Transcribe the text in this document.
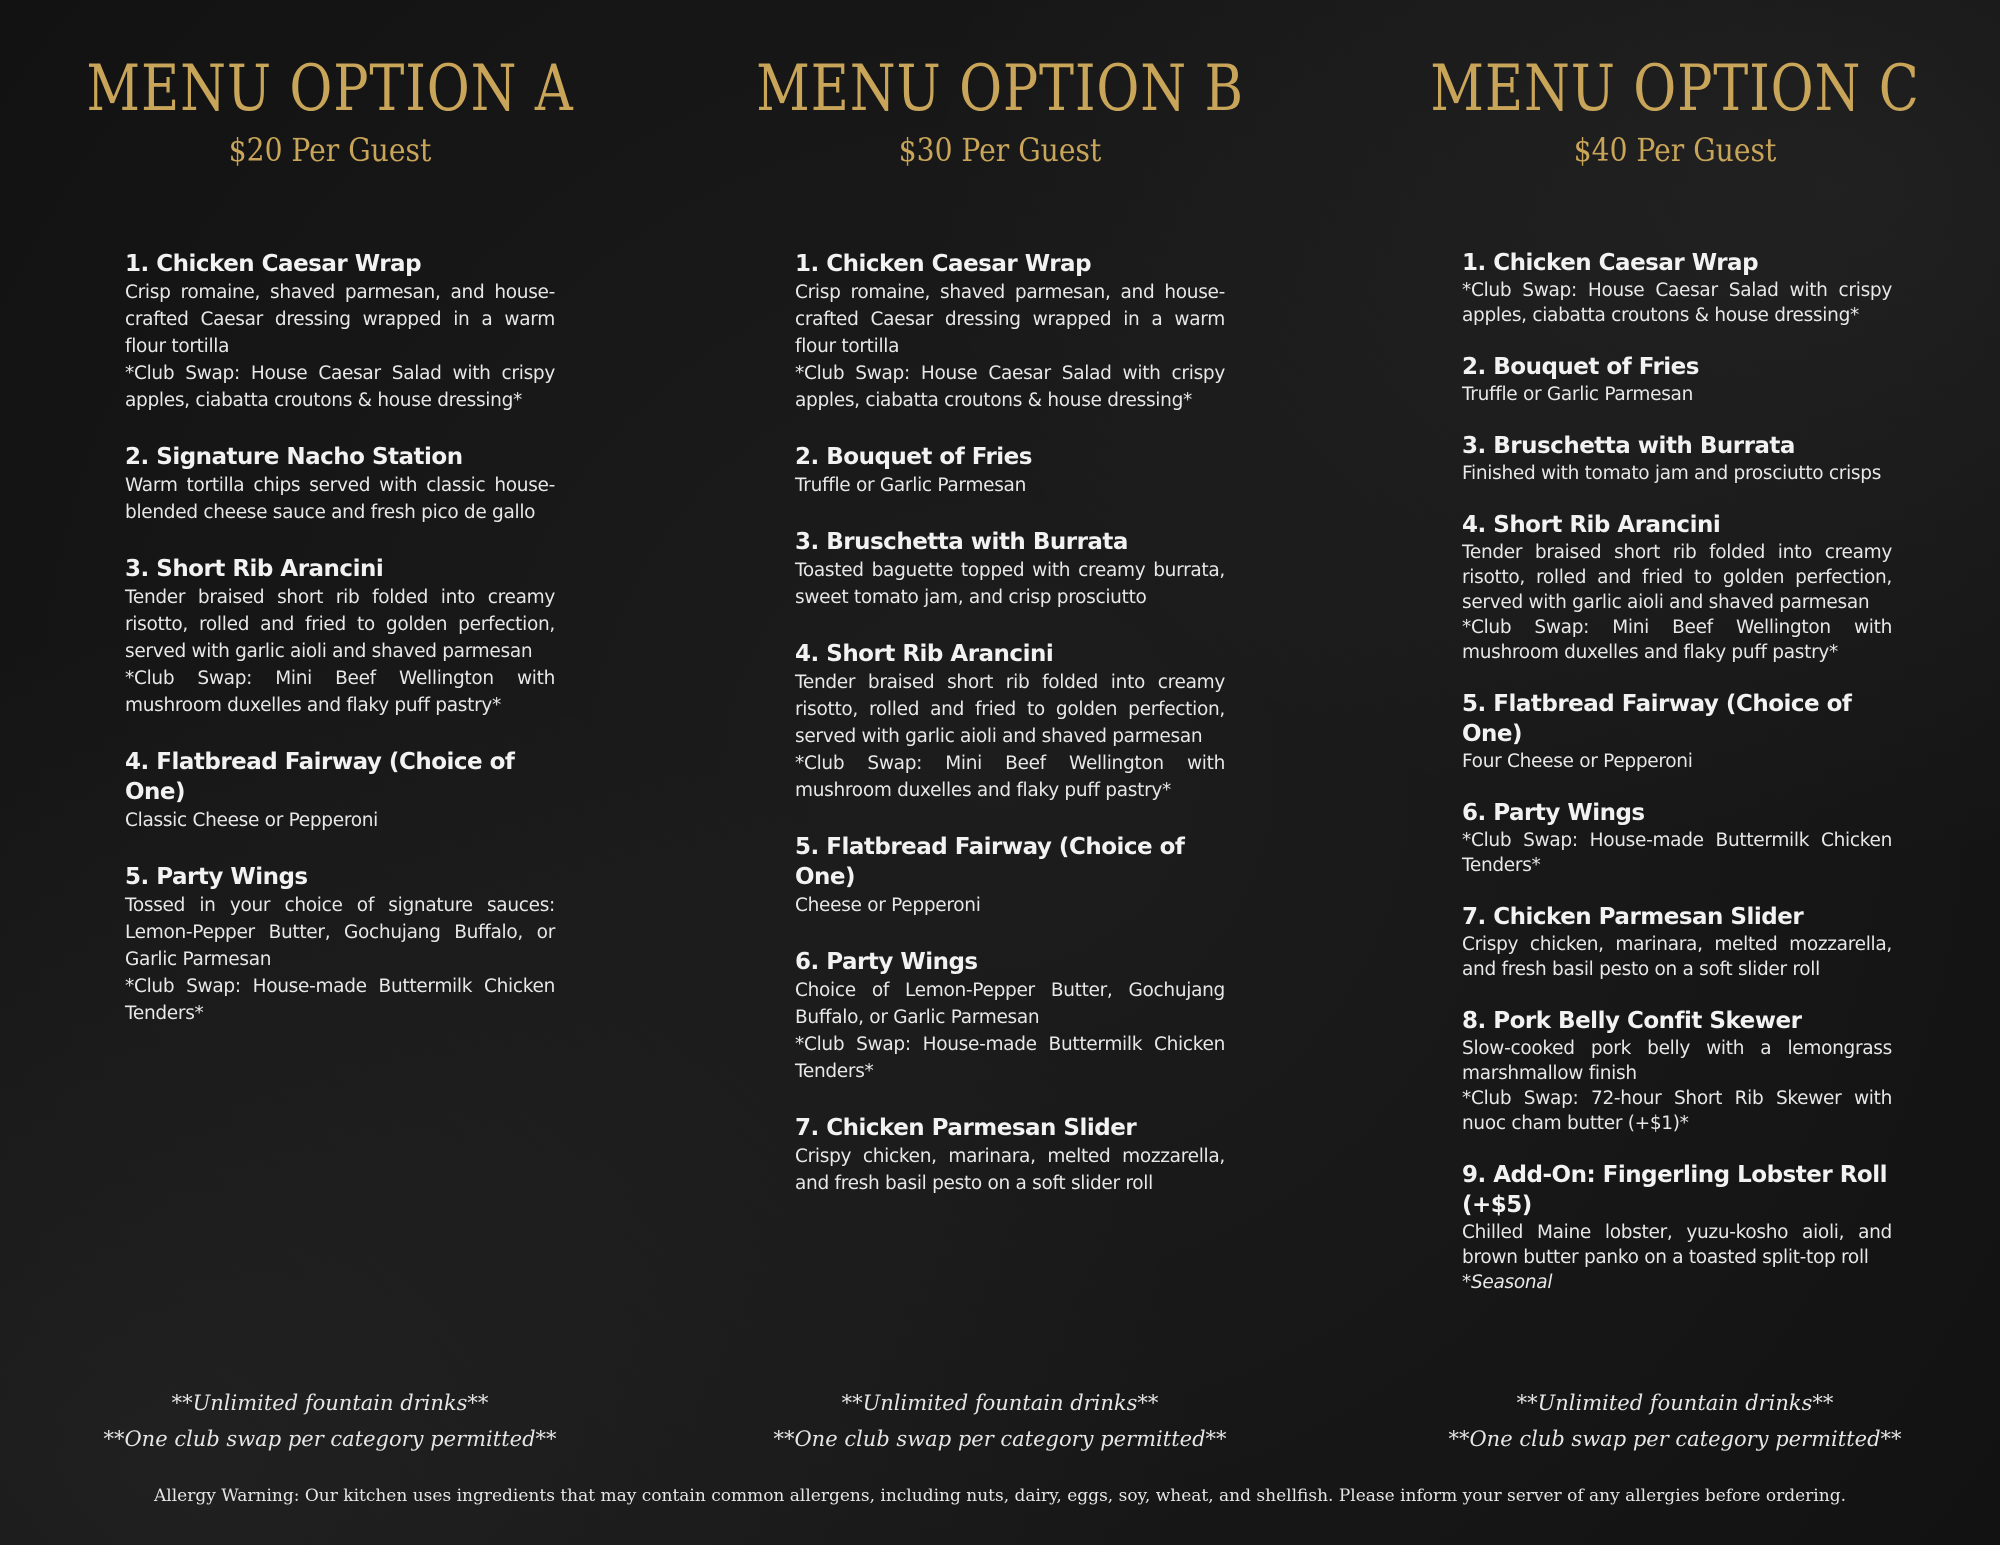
MENU OPTION A
$20 Per Guest
1. Chicken Caesar Wrap
Crisp romaine, shaved parmesan, and house-crafted Caesar dressing wrapped in a warm flour tortilla
*Club Swap: House Caesar Salad with crispy apples, ciabatta croutons & house dressing*
2. Signature Nacho Station
Warm tortilla chips served with classic house-blended cheese sauce and fresh pico de gallo
3. Short Rib Arancini
Tender braised short rib folded into creamy risotto, rolled and fried to golden perfection, served with garlic aioli and shaved parmesan
*Club Swap: Mini Beef Wellington with mushroom duxelles and flaky puff pastry*
4. Flatbread Fairway (Choice of One)
Classic Cheese or Pepperoni
5. Party Wings
Tossed in your choice of signature sauces: Lemon-Pepper Butter, Gochujang Buffalo, or Garlic Parmesan
*Club Swap: House-made Buttermilk Chicken Tenders*
**Unlimited fountain drinks**
**One club swap per category permitted**
MENU OPTION B
$30 Per Guest
1. Chicken Caesar Wrap
Crisp romaine, shaved parmesan, and house-crafted Caesar dressing wrapped in a warm flour tortilla
*Club Swap: House Caesar Salad with crispy apples, ciabatta croutons & house dressing*
2. Bouquet of Fries
Truffle or Garlic Parmesan
3. Bruschetta with Burrata
Toasted baguette topped with creamy burrata, sweet tomato jam, and crisp prosciutto
4. Short Rib Arancini
Tender braised short rib folded into creamy risotto, rolled and fried to golden perfection, served with garlic aioli and shaved parmesan
*Club Swap: Mini Beef Wellington with mushroom duxelles and flaky puff pastry*
5. Flatbread Fairway (Choice of One)
Cheese or Pepperoni
6. Party Wings
Choice of Lemon-Pepper Butter, Gochujang Buffalo, or Garlic Parmesan
*Club Swap: House-made Buttermilk Chicken Tenders*
7. Chicken Parmesan Slider
Crispy chicken, marinara, melted mozzarella, and fresh basil pesto on a soft slider roll
**Unlimited fountain drinks**
**One club swap per category permitted**
MENU OPTION C
$40 Per Guest
1. Chicken Caesar Wrap
*Club Swap: House Caesar Salad with crispy apples, ciabatta croutons & house dressing*
2. Bouquet of Fries
Truffle or Garlic Parmesan
3. Bruschetta with Burrata
Finished with tomato jam and prosciutto crisps
4. Short Rib Arancini
Tender braised short rib folded into creamy risotto, rolled and fried to golden perfection, served with garlic aioli and shaved parmesan
*Club Swap: Mini Beef Wellington with mushroom duxelles and flaky puff pastry*
5. Flatbread Fairway (Choice of One)
Four Cheese or Pepperoni
6. Party Wings
*Club Swap: House-made Buttermilk Chicken Tenders*
7. Chicken Parmesan Slider
Crispy chicken, marinara, melted mozzarella, and fresh basil pesto on a soft slider roll
8. Pork Belly Confit Skewer
Slow-cooked pork belly with a lemongrass marshmallow finish
*Club Swap: 72-hour Short Rib Skewer with nuoc cham butter (+$1)*
9. Add-On: Fingerling Lobster Roll (+$5)
Chilled Maine lobster, yuzu-kosho aioli, and brown butter panko on a toasted split-top roll
*Seasonal
**Unlimited fountain drinks**
**One club swap per category permitted**
Allergy Warning: Our kitchen uses ingredients that may contain common allergens, including nuts, dairy, eggs, soy, wheat, and shellfish. Please inform your server of any allergies before ordering.
